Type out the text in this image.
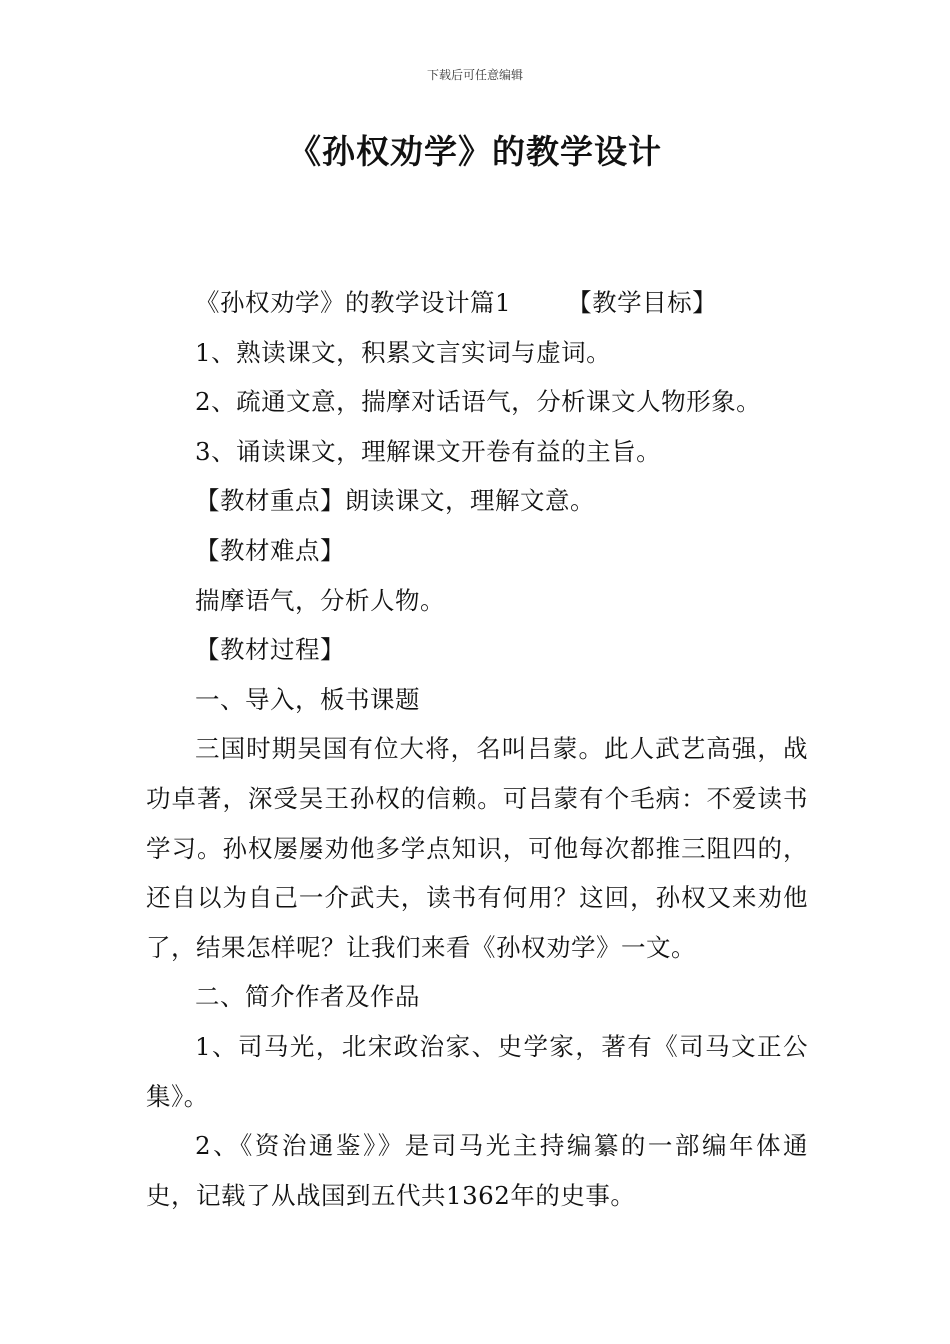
下载后可任意编辑
《孙权劝学》的教学设计

《孙权劝学》的教学设计篇1 【教学目标】

1、熟读课文，积累文言实词与虚词。

2、疏通文意，揣摩对话语气，分析课文人物形象。

3、诵读课文，理解课文开卷有益的主旨。

【教材重点】朗读课文，理解文意。

【教材难点】

揣摩语气，分析人物。

【教材过程】

一、导入，板书课题

三国时期吴国有位大将，名叫吕蒙。此人武艺高强，战功卓著，深受吴王孙权的信赖。可吕蒙有个毛病：不爱读书学习。孙权屡屡劝他多学点知识，可他每次都推三阻四的，还自以为自己一介武夫，读书有何用？这回，孙权又来劝他了，结果怎样呢？让我们来看《孙权劝学》一文。

二、简介作者及作品

1、司马光，北宋政治家、史学家，著有《司马文正公集》。

2、《资治通鉴》》是司马光主持编纂的一部编年体通史，记载了从战国到五代共1362年的史事。
